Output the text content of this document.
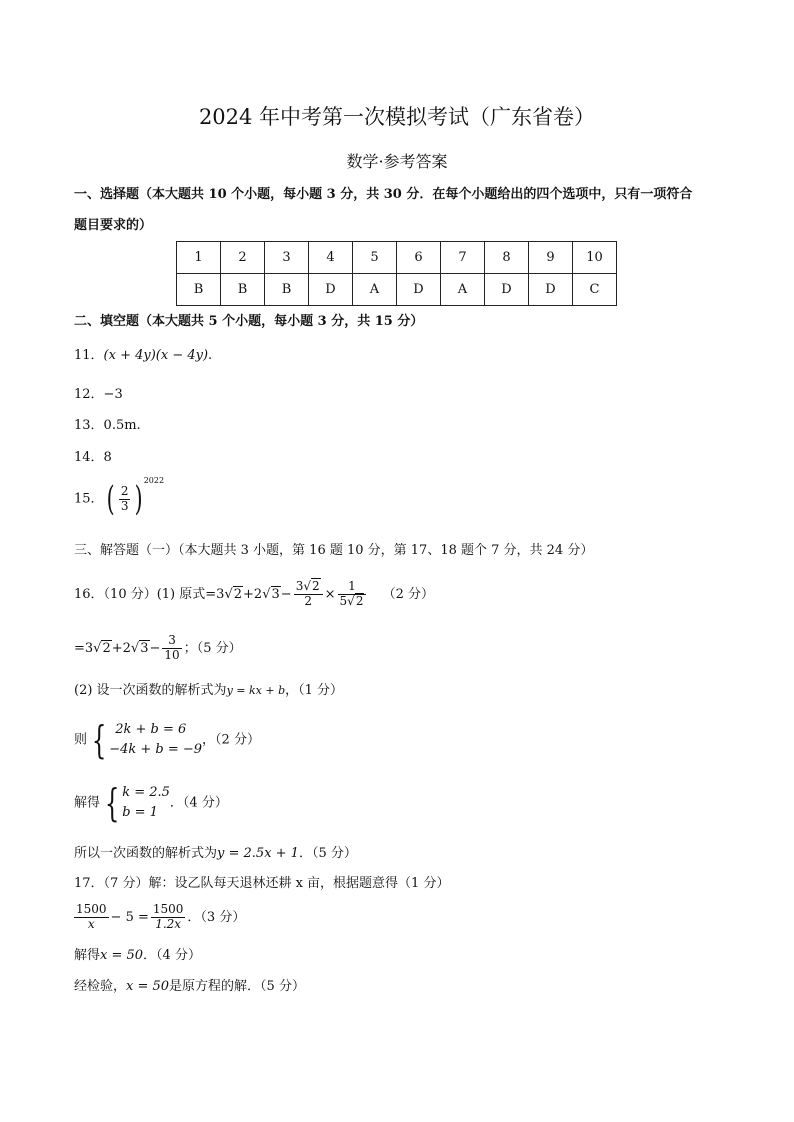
2024 年中考第一次模拟考试（广东省卷）
数学·参考答案
一、选择题（本大题共 10 个小题，每小题 3 分，共 30 分．在每个小题给出的四个选项中，只有一项符合
题目要求的）
1	2	3	4	5	6	7	8	9	10
B	B	B	D	A	D	A	D	D	C
二、填空题（本大题共 5 个小题，每小题 3 分，共 15 分）
11．(x + 4y)(x − 4y).
12．−3
13．0.5m.
14．8
15．( $\frac{2}{3} )^{2022}$
三、解答题（一）（本大题共 3 小题，第 16 题 10 分，第 17、18 题个 7 分，共 24 分）
16．（10 分）(1) 原式$=3√2+2√3- \frac{3√2}{2} \times \frac{1}{5√2} (2$ 分）
$=3√2+2√3- \frac{3}{10}$ ；（5 分）
(2) 设一次函数的解析式为y = kx + b，（1 分）
则 { 2k + b = 6
−4k + b = −9
，（2 分）
解得 { k = 2.5
b = 1
．（4 分）
所以一次函数的解析式为y = 2.5x + 1．（5 分）
17．（7 分）解：设乙队每天退林还耕 x 亩，根据题意得（1 分）
$\frac{1500}{x} - 5 = \frac{1500}{1.2x}$ ．（3 分）
解得x = 50．（4 分）
经检验，x = 50是原方程的解．（5 分）
